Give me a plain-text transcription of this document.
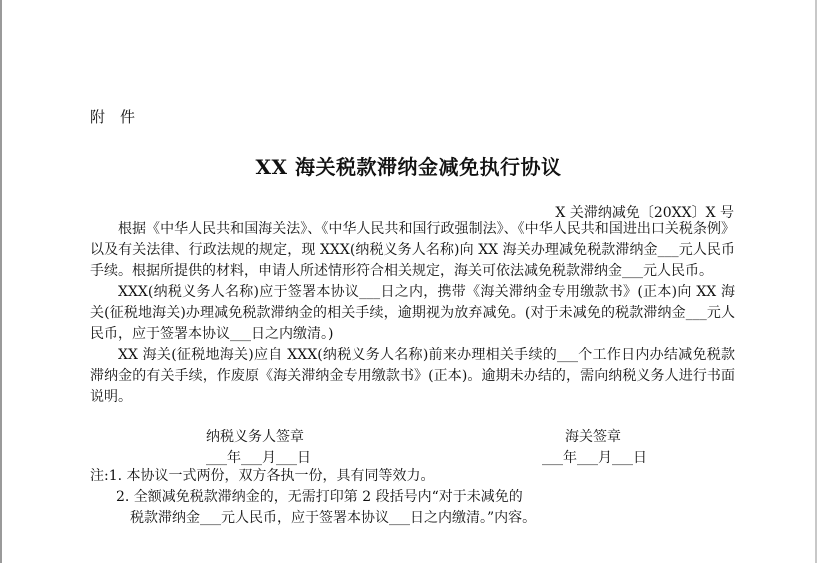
附　件
XX 海关税款滞纳金减免执行协议
X 关滞纳减免〔20XX〕X 号

根据《中华人民共和国海关法》、《中华人民共和国行政强制法》、《中华人民共和国进出口关税条例》以及有关法律、行政法规的规定，现 XXX(纳税义务人名称)向 XX 海关办理减免税款滞纳金___元人民币手续。根据所提供的材料，申请人所述情形符合相关规定，海关可依法减免税款滞纳金___元人民币。

XXX(纳税义务人名称)应于签署本协议___日之内，携带《海关滞纳金专用缴款书》(正本)向 XX 海关(征税地海关)办理减免税款滞纳金的相关手续，逾期视为放弃减免。(对于未减免的税款滞纳金___元人民币，应于签署本协议___日之内缴清。)

XX 海关(征税地海关)应自 XXX(纳税义务人名称)前来办理相关手续的___个工作日内办结减免税款滞纳金的有关手续，作废原《海关滞纳金专用缴款书》(正本)。逾期未办结的，需向纳税义务人进行书面说明。

纳税义务人签章
___年___月___日
海关签章
___年___月___日
注:1. 本协议一式两份，双方各执一份，具有同等效力。
2. 全额减免税款滞纳金的，无需打印第 2 段括号内“对于未减免的
税款滞纳金___元人民币，应于签署本协议___日之内缴清。”内容。
